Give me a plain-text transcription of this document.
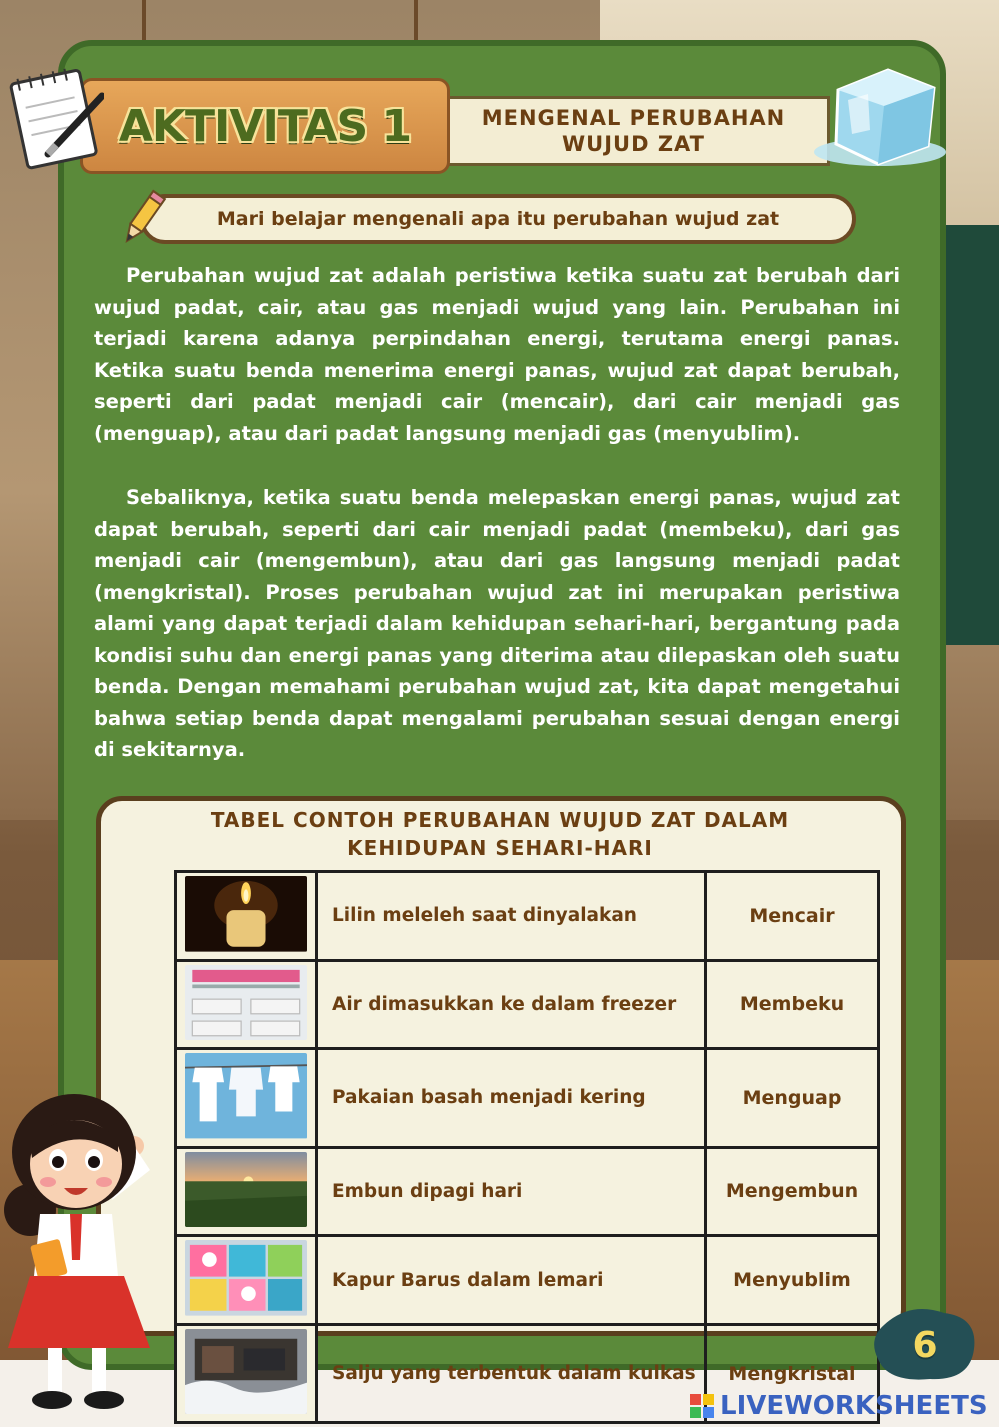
MENGENAL PERUBAHAN
WUJUD ZAT
AKTIVITAS 1
Mari belajar mengenali apa itu perubahan wujud zat

Perubahan wujud zat adalah peristiwa ketika suatu zat berubah dari wujud padat, cair, atau gas menjadi wujud yang lain. Perubahan ini terjadi karena adanya perpindahan energi, terutama energi panas. Ketika suatu benda menerima energi panas, wujud zat dapat berubah, seperti dari padat menjadi cair (mencair), dari cair menjadi gas (menguap), atau dari padat langsung menjadi gas (menyublim).

Sebaliknya, ketika suatu benda melepaskan energi panas, wujud zat dapat berubah, seperti dari cair menjadi padat (membeku), dari gas menjadi cair (mengembun), atau dari gas langsung menjadi padat (mengkristal). Proses perubahan wujud zat ini merupakan peristiwa alami yang dapat terjadi dalam kehidupan sehari-hari, bergantung pada kondisi suhu dan energi panas yang diterima atau dilepaskan oleh suatu benda. Dengan memahami perubahan wujud zat, kita dapat mengetahui bahwa setiap benda dapat mengalami perubahan sesuai dengan energi di sekitarnya.

TABEL CONTOH PERUBAHAN WUJUD ZAT DALAM
KEHIDUPAN SEHARI-HARI
	Lilin meleleh saat dinyalakan	Mencair
	Air dimasukkan ke dalam freezer	Membeku
	Pakaian basah menjadi kering	Menguap
	Embun dipagi hari	Mengembun
	Kapur Barus dalam lemari	Menyublim
	Salju yang terbentuk dalam kulkas	Mengkristal
6
LIVEWORKSHEETS
